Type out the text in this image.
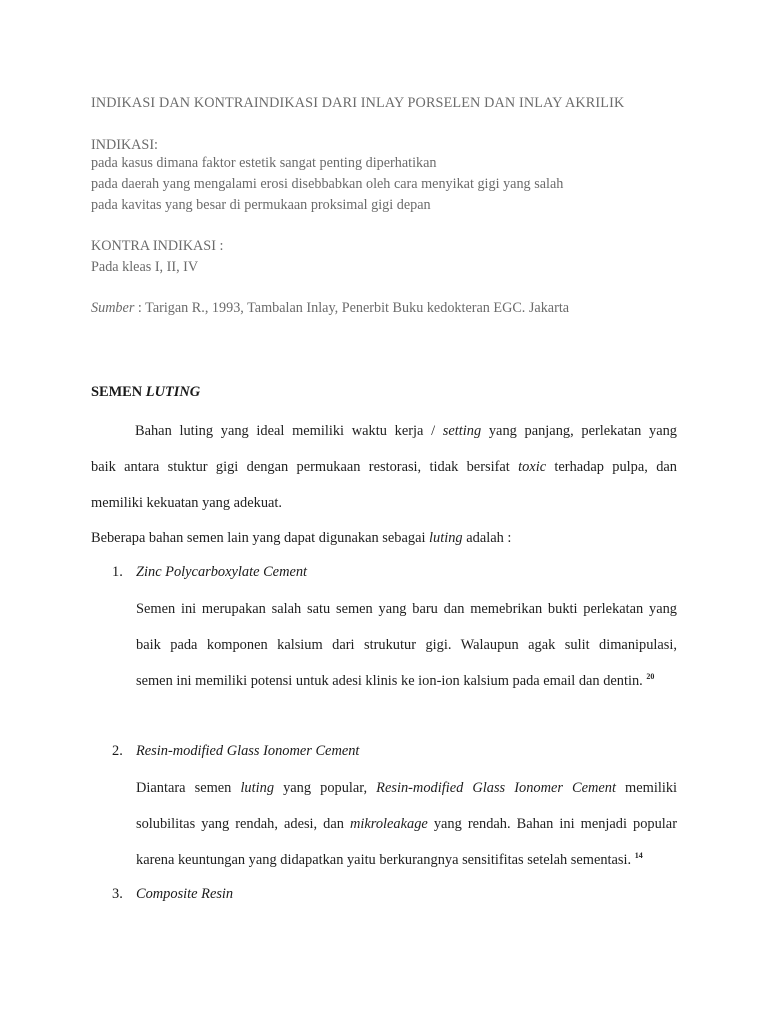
INDIKASI DAN KONTRAINDIKASI DARI INLAY PORSELEN DAN INLAY AKRILIK
INDIKASI:
pada kasus dimana faktor estetik sangat penting diperhatikan
pada daerah yang mengalami erosi disebbabkan oleh cara menyikat gigi yang salah
pada kavitas yang besar di permukaan proksimal gigi depan
KONTRA INDIKASI :
Pada kleas I, II, IV
Sumber : Tarigan R., 1993, Tambalan Inlay, Penerbit Buku kedokteran EGC. Jakarta
SEMEN LUTING
Bahan luting yang ideal memiliki waktu kerja / setting yang panjang, perlekatan yang
baik antara stuktur gigi dengan permukaan restorasi, tidak bersifat toxic terhadap pulpa, dan
memiliki kekuatan yang adekuat.
Beberapa bahan semen lain yang dapat digunakan sebagai luting adalah :
1. Zinc Polycarboxylate Cement
Semen ini merupakan salah satu semen yang baru dan memebrikan bukti perlekatan yang
baik pada komponen kalsium dari strukutur gigi. Walaupun agak sulit dimanipulasi,
semen ini memiliki potensi untuk adesi klinis ke ion-ion kalsium pada email dan dentin. $^{20}$
2. Resin-modified Glass Ionomer Cement
Diantara semen luting yang popular, Resin-modified Glass Ionomer Cement memiliki
solubilitas yang rendah, adesi, dan mikroleakage yang rendah. Bahan ini menjadi popular
karena keuntungan yang didapatkan yaitu berkurangnya sensitifitas setelah sementasi. $^{14}$
3. Composite Resin
